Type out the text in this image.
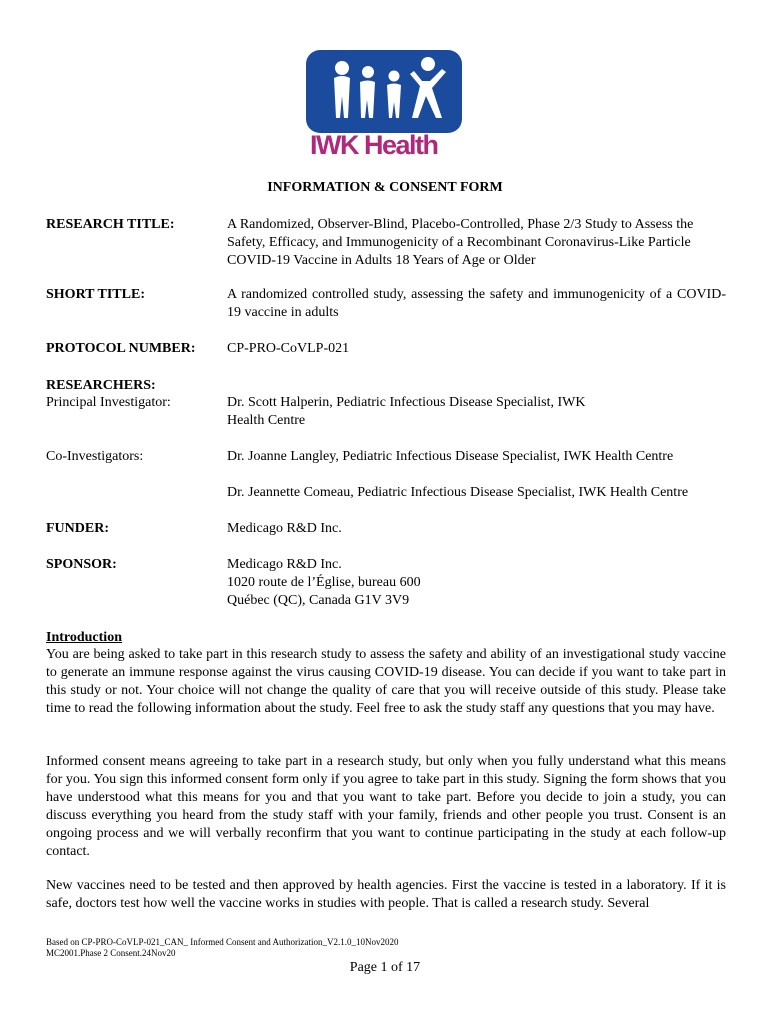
IWK Health
INFORMATION & CONSENT FORM
RESEARCH TITLE:	A Randomized, Observer-Blind, Placebo-Controlled, Phase 2/3 Study to Assess the Safety, Efficacy, and Immunogenicity of a Recombinant Coronavirus-Like Particle COVID-19 Vaccine in Adults 18 Years of Age or Older
SHORT TITLE:	A randomized controlled study, assessing the safety and immunogenicity of a COVID-19 vaccine in adults
PROTOCOL NUMBER: CP-PRO-CoVLP-021
RESEARCHERS:
Principal Investigator:	Dr. Scott Halperin, Pediatric Infectious Disease Specialist, IWK Health Centre
Co-Investigators:	Dr. Joanne Langley, Pediatric Infectious Disease Specialist, IWK Health Centre
Dr. Jeannette Comeau, Pediatric Infectious Disease Specialist, IWK Health Centre
FUNDER:	Medicago R&D Inc.
SPONSOR:	Medicago R&D Inc.
1020 route de l’Église, bureau 600
Québec (QC), Canada G1V 3V9
Introduction
You are being asked to take part in this research study to assess the safety and ability of an investigational study vaccine to generate an immune response against the virus causing COVID-19 disease. You can decide if you want to take part in this study or not. Your choice will not change the quality of care that you will receive outside of this study. Please take time to read the following information about the study. Feel free to ask the study staff any questions that you may have.
Informed consent means agreeing to take part in a research study, but only when you fully understand what this means for you. You sign this informed consent form only if you agree to take part in this study. Signing the form shows that you have understood what this means for you and that you want to take part. Before you decide to join a study, you can discuss everything you heard from the study staff with your family, friends and other people you trust. Consent is an ongoing process and we will verbally reconfirm that you want to continue participating in the study at each follow-up contact.
New vaccines need to be tested and then approved by health agencies. First the vaccine is tested in a laboratory. If it is safe, doctors test how well the vaccine works in studies with people. That is called a research study. Several
Based on CP-PRO-CoVLP-021_CAN_ Informed Consent and Authorization_V2.1.0_10Nov2020
MC2001.Phase 2 Consent.24Nov20
Page 1 of 17
